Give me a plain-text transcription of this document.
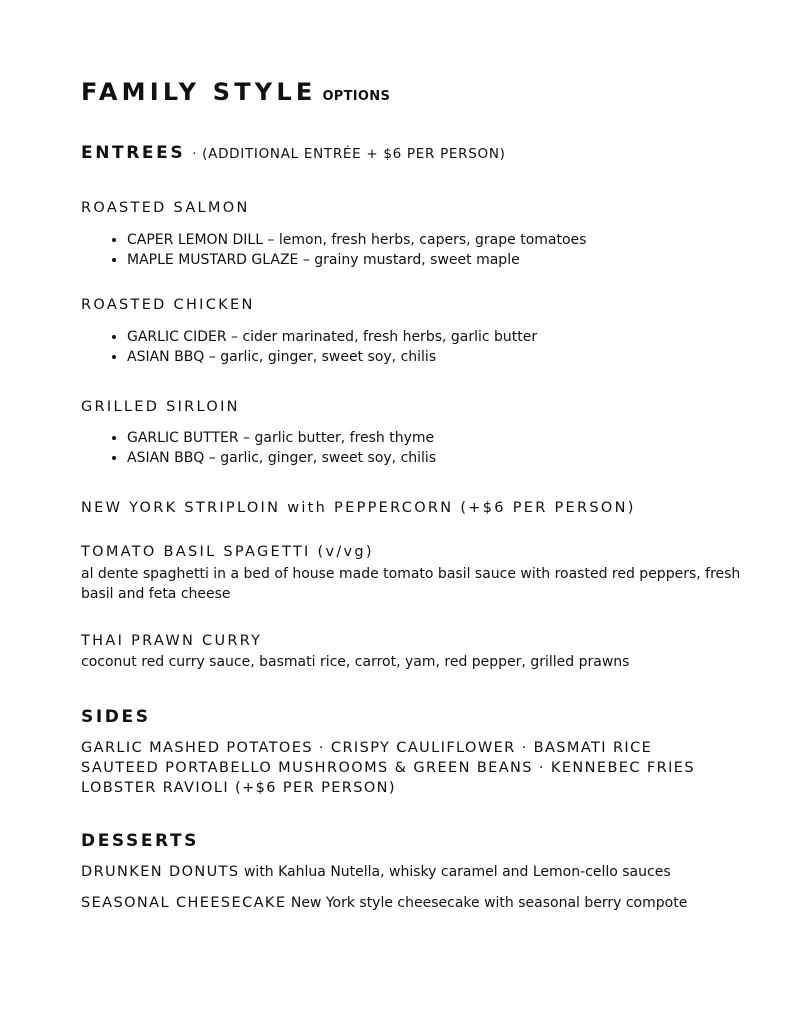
FAMILY STYLE OPTIONS
ENTREES · (ADDITIONAL ENTRÉE + $6 PER PERSON)
ROASTED SALMON
• CAPER LEMON DILL – lemon, fresh herbs, capers, grape tomatoes
• MAPLE MUSTARD GLAZE – grainy mustard, sweet maple
ROASTED CHICKEN
• GARLIC CIDER – cider marinated, fresh herbs, garlic butter
• ASIAN BBQ – garlic, ginger, sweet soy, chilis
GRILLED SIRLOIN
• GARLIC BUTTER – garlic butter, fresh thyme
• ASIAN BBQ – garlic, ginger, sweet soy, chilis
NEW YORK STRIPLOIN with PEPPERCORN (+$6 PER PERSON)
TOMATO BASIL SPAGETTI (v/vg)
al dente spaghetti in a bed of house made tomato basil sauce with roasted red peppers, fresh basil and feta cheese
THAI PRAWN CURRY
coconut red curry sauce, basmati rice, carrot, yam, red pepper, grilled prawns
SIDES
GARLIC MASHED POTATOES · CRISPY CAULIFLOWER · BASMATI RICE
SAUTEED PORTABELLO MUSHROOMS & GREEN BEANS · KENNEBEC FRIES
LOBSTER RAVIOLI (+$6 PER PERSON)
DESSERTS
DRUNKEN DONUTS with Kahlua Nutella, whisky caramel and Lemon-cello sauces
SEASONAL CHEESECAKE New York style cheesecake with seasonal berry compote
